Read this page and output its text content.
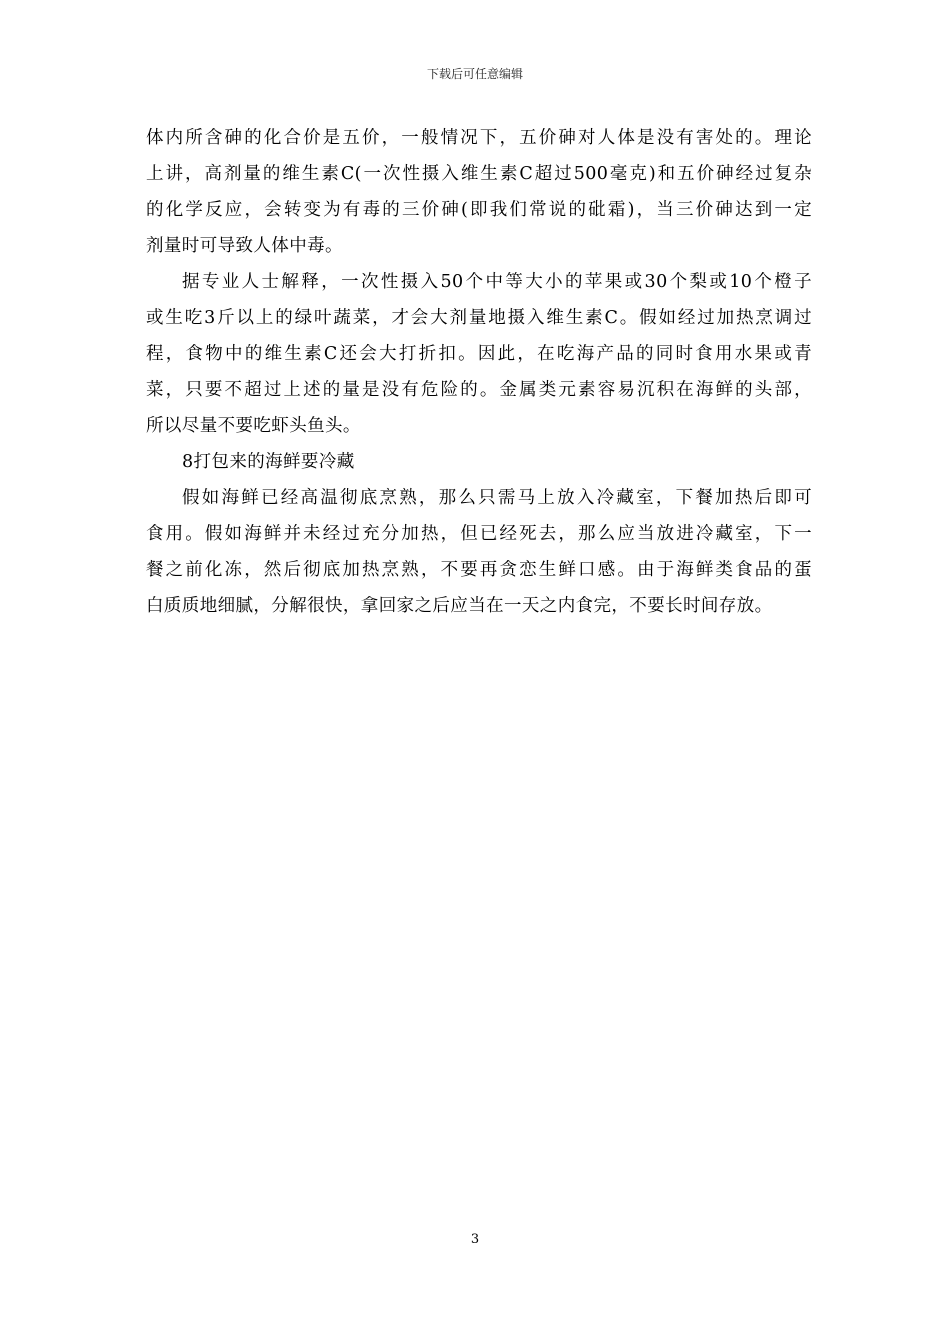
下载后可任意编辑
体内所含砷的化合价是五价，一般情况下，五价砷对人体是没有害处的。理论
上讲，高剂量的维生素C(一次性摄入维生素C超过500毫克)和五价砷经过复杂
的化学反应，会转变为有毒的三价砷(即我们常说的砒霜)，当三价砷达到一定
剂量时可导致人体中毒。
据专业人士解释，一次性摄入50个中等大小的苹果或30个梨或10个橙子
或生吃3斤以上的绿叶蔬菜，才会大剂量地摄入维生素C。假如经过加热烹调过
程，食物中的维生素C还会大打折扣。因此，在吃海产品的同时食用水果或青
菜，只要不超过上述的量是没有危险的。金属类元素容易沉积在海鲜的头部，
所以尽量不要吃虾头鱼头。
8打包来的海鲜要冷藏
假如海鲜已经高温彻底烹熟，那么只需马上放入冷藏室，下餐加热后即可
食用。假如海鲜并未经过充分加热，但已经死去，那么应当放进冷藏室，下一
餐之前化冻，然后彻底加热烹熟，不要再贪恋生鲜口感。由于海鲜类食品的蛋
白质质地细腻，分解很快，拿回家之后应当在一天之内食完，不要长时间存放。
3
